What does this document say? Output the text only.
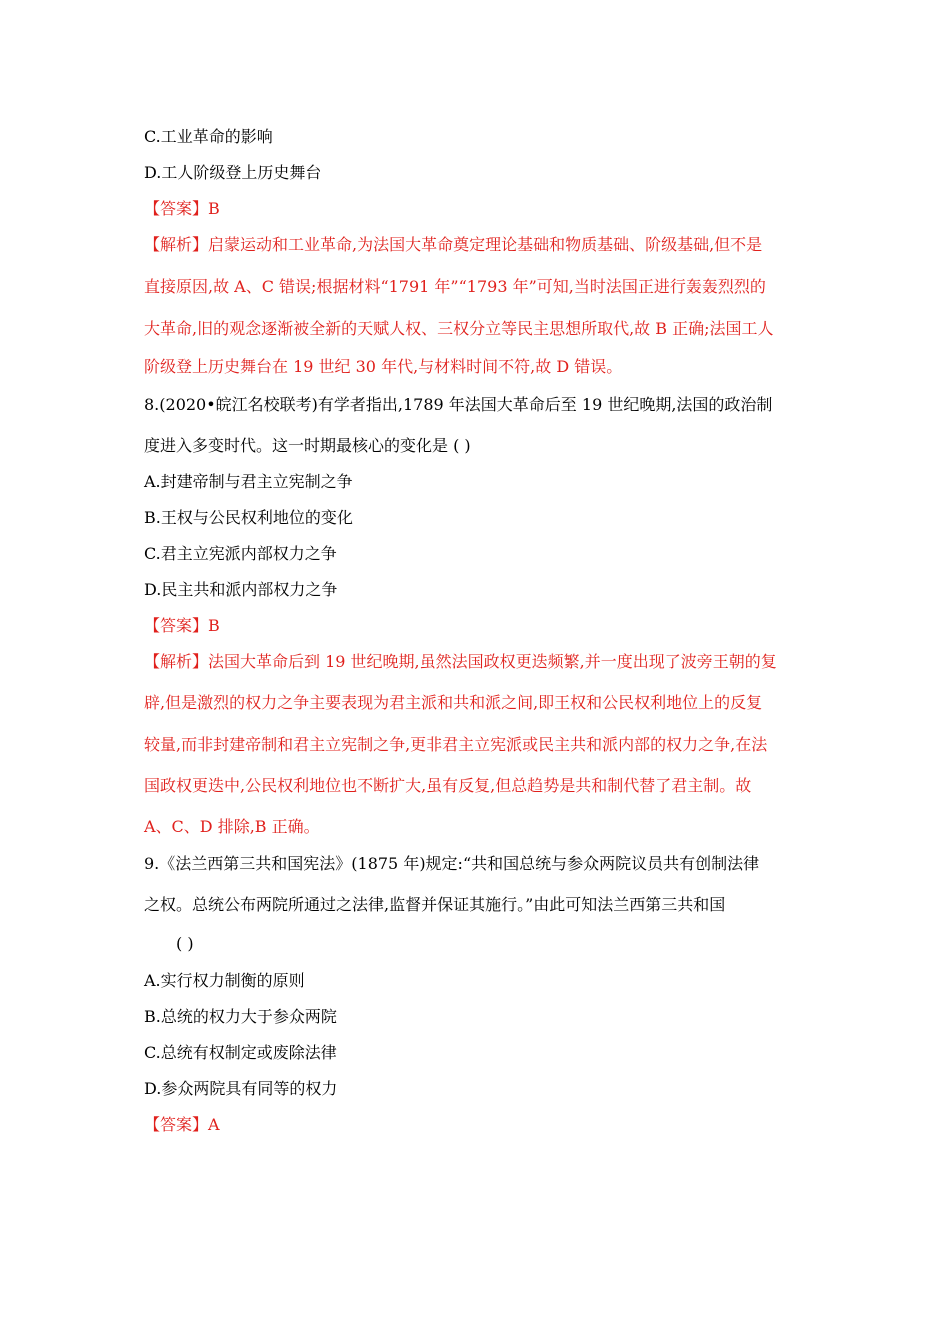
C.工业革命的影响
D.工人阶级登上历史舞台
【答案】B
【解析】启蒙运动和工业革命,为法国大革命奠定理论基础和物质基础、阶级基础,但不是
直接原因,故 A、C 错误;根据材料“1791 年”“1793 年”可知,当时法国正进行轰轰烈烈的
大革命,旧的观念逐渐被全新的天赋人权、三权分立等民主思想所取代,故 B 正确;法国工人
阶级登上历史舞台在 19 世纪 30 年代,与材料时间不符,故 D 错误。
8.(2020•皖江名校联考)有学者指出,1789 年法国大革命后至 19 世纪晚期,法国的政治制
度进入多变时代。这一时期最核心的变化是 ( )
A.封建帝制与君主立宪制之争
B.王权与公民权利地位的变化
C.君主立宪派内部权力之争
D.民主共和派内部权力之争
【答案】B
【解析】法国大革命后到 19 世纪晚期,虽然法国政权更迭频繁,并一度出现了波旁王朝的复
辟,但是激烈的权力之争主要表现为君主派和共和派之间,即王权和公民权利地位上的反复
较量,而非封建帝制和君主立宪制之争,更非君主立宪派或民主共和派内部的权力之争,在法
国政权更迭中,公民权利地位也不断扩大,虽有反复,但总趋势是共和制代替了君主制。故
A、C、D 排除,B 正确。
9.《法兰西第三共和国宪法》(1875 年)规定:“共和国总统与参众两院议员共有创制法律
之权。总统公布两院所通过之法律,监督并保证其施行。”由此可知法兰西第三共和国
( )
A.实行权力制衡的原则
B.总统的权力大于参众两院
C.总统有权制定或废除法律
D.参众两院具有同等的权力
【答案】A
